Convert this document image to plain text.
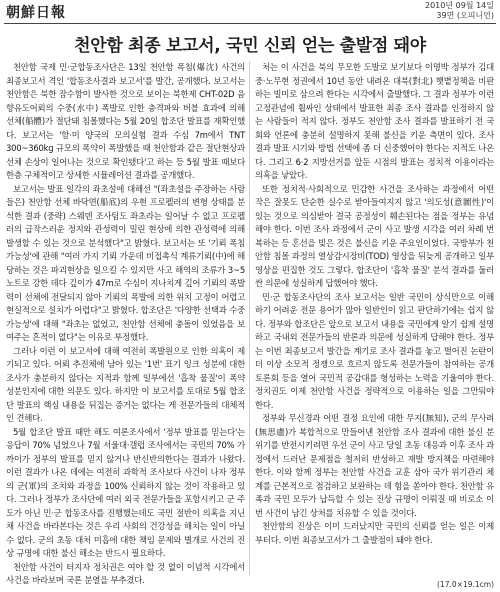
朝鮮日報	2010년 09월 14일
39면 (오피니언)
천안함 최종 보고서, 국민 신뢰 얻는 출발점 돼야

천안함 국제 민·군합동조사단은 13일 천안함 폭침(爆沈) 사건의 최종보고서 격인 '합동조사결과 보고서'를 발간, 공개했다. 보고서는 천안함은 북한 잠수함이 발사한 것으로 보이는 북한제 CHT-02D 음향유도어뢰의 수중(水中) 폭발로 인한 충격파와 버블 효과에 의해 선체(船體)가 절단돼 침몰했다는 5월 20일 합조단 발표를 재확인했다. 보고서는 '함·미 양국의 모의실험 결과 수심 7m에서 TNT 300~360kg 규모의 폭약이 폭발했을 때 천안함과 같은 절단현상과 선체 손상이 일어나는 것으로 확인됐다'고 하는 등 5월 발표 때보다 한층 구체적이고 상세한 시뮬레이션 결과를 공개했다.

보고서는 발표 일각의 좌초설에 대해선 "(좌초설을 주장하는 사람들은) 천안함 선체 바닥면(船底)의 우현 프로펠러의 변형 상태를 분석한 결과 (중략) 스웨덴 조사팀도 좌초라는 일어날 수 없고 프로펠러의 급작스러운 정지와 관성력이 밀린 현상에 의한 관성력에 의해 발생할 수 있는 것으로 분석했다"고 밝혔다. 보고서는 또 '기뢰 폭침 가능성'에 관해 "여러 가지 기뢰 가운데 비접촉식 계류기뢰(中)에 해당하는 것은 파괴현상을 일으킬 수 있지만 사고 해역의 조류가 3~5노트로 강한 데다 깊이가 47m로 수심이 지나치게 깊어 기뢰의 폭발력이 선체에 전달되지 않아 기뢰의 폭발에 의한 위치 고정이 어렵고 현실적으로 설치가 어렵다"고 밝혔다. 합조단은 '다양한 선택과 수중 가능성'에 대해 "좌초는 없었고, 천안함 선체에 충돌이 있었음을 보여주는 흔적이 없다"는 이유로 부정했다.

그러나 이런 이 보고서에 대해 여전히 폭발원으로 인한 의혹이 제기되고 있다. 어뢰 추진체에 남아 있는 '1번' 표기 잉크 성분에 대한 조사가 충분하지 않다는 지적과 함께 일부에선 '흡착 물질'이 폭약 성분인지에 대한 의문도 있다. 하지만 이 보고서를 토대로 5월 합조단 발표의 핵심 내용을 뒤집는 증거는 없다는 게 전문가들의 대체적인 견해다.

5월 합조단 발표 때만 해도 여론조사에서 '정부 발표를 믿는다'는 응답이 70% 넘었으나 7월 서울대·갤럽 조사에서는 국민의 70% 가까이가 정부의 발표를 믿지 않거나 반신반의한다는 결과가 나왔다. 이런 결과가 나온 데에는 여전히 과학적 조사보다 사건이 나자 정부의 군(軍)의 조치와 과정을 100% 신뢰하지 않는 것이 작용하고 있다. 그러나 정부가 조사단에 여러 외국 전문가들을 포함시키고 군 주도가 아닌 민·군 합동조사를 진행했는데도 국민 절반이 의혹을 지닌 채 사건을 바라본다는 것은 우리 사회의 건강성을 해치는 일이 아닐 수 없다. 군의 초동 대처 미흡에 대한 책임 문제와 별개로 사건의 진상 규명에 대한 불신 해소는 반드시 필요하다.

천안함 사건이 터지자 정치권은 여야 할 것 없이 이념적 시각에서 사건을 바라보며 국론 분열을 부추겼다.

처는 이 사건을 북의 무모한 도발로 보기보다 이명박 정부가 김대중·노무현 정권에서 10년 동안 내려온 대북(對北) 햇볕정책을 비판하는 빌미로 삼으려 한다는 시각에서 출발했다. 그 결과 정부가 이런 고정관념에 휩싸인 상태에서 발표한 최종 조사 결과를 인정하지 않는 사람들이 적지 않다. 정부도 천안함 조사 결과를 발표하기 전 국회와 언론에 충분히 설명하지 못해 불신을 키운 측면이 있다. 조사 결과 발표 시기와 방법 선택에 좀 더 신중했어야 한다는 지적도 나온다. 그리고 6·2 지방선거를 앞둔 시점의 발표는 정치적 이용이라는 의혹을 낳았다.

또한 정치적·사회적으로 민감한 사건을 조사하는 과정에서 어떤 작은 잘못도 단순한 실수로 받아들여지지 않고 '의도성(意圖性)'이 있는 것으로 의심받아 결국 공정성이 훼손된다는 점을 정부는 유념해야 한다. 이번 조사 과정에서 군이 사고 발생 시각을 여러 차례 번복하는 등 혼선을 빚은 것은 불신을 키운 주요인이었다. 국방부가 천안함 침몰 과정의 열상감시장비(TOD) 영상을 뒤늦게 공개하고 일부 영상을 편집한 것도 그렇다. 합조단이 '흡착 물질' 분석 결과를 둘러싼 의문에 성실하게 답했어야 했다.

민·군 합동조사단의 조사 보고서는 일반 국민이 상식만으로 이해하기 어려운 전문 용어가 많아 일반인이 읽고 판단하기에는 쉽지 않다. 정부와 합조단은 앞으로 보고서 내용을 국민에게 알기 쉽게 설명하고 국내외 전문가들의 반론과 의문에 성실하게 답해야 한다. 정부는 이번 최종보고서 발간을 계기로 조사 결과를 놓고 벌어진 논란이 더 이상 소모적 정쟁으로 흐르지 않도록 전문가들이 참여하는 공개 토론회 등을 열어 국민적 공감대를 형성하는 노력을 기울여야 한다. 정치권도 이제 천안함 사건을 정략적으로 이용하는 일을 그만둬야 한다.

정부와 무신경과 어떤 결정 요인에 대한 무지(無知), 군의 무사려(無思慮)가 복합적으로 만들어낸 천안함 조사 결과에 대한 불신 분위기를 반전시키려면 우선 군이 사고 당일 초동 대응과 이후 조사 과정에서 드러난 문제점을 철저히 반성하고 재발 방지책을 마련해야 한다. 이와 함께 정부는 천안함 사건을 교훈 삼아 국가 위기관리 체계를 근본적으로 점검하고 보완하는 데 힘을 쏟아야 한다. 천안함 유족과 국민 모두가 납득할 수 있는 진상 규명이 이뤄질 때 비로소 이번 사건이 남긴 상처를 치유할 수 있을 것이다.

천안함의 진상은 이미 드러났지만 국민의 신뢰를 얻는 일은 이제부터다. 이번 최종보고서가 그 출발점이 돼야 한다.

(17.0×19.1cm)
